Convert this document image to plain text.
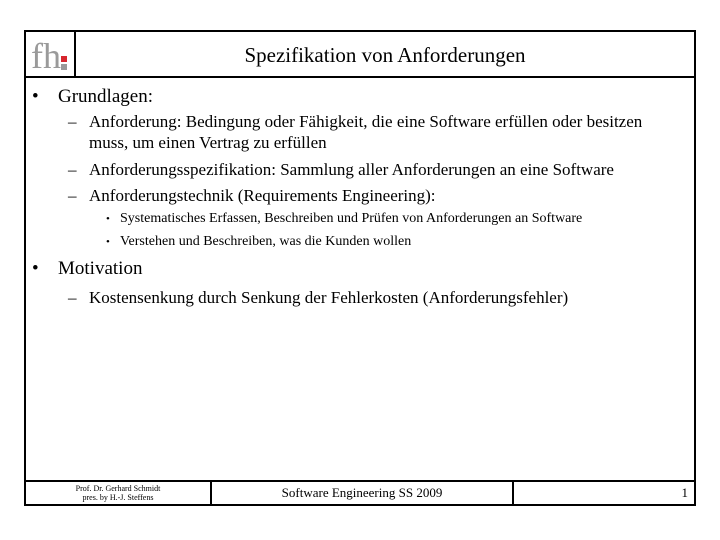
fh	Spezifikation von Anforderungen
• Grundlagen:
– Anforderung: Bedingung oder Fähigkeit, die eine Software erfüllen oder besitzen
muss, um einen Vertrag zu erfüllen
– Anforderungsspezifikation: Sammlung aller Anforderungen an eine Software
– Anforderungstechnik (Requirements Engineering):
• Systematisches Erfassen, Beschreiben und Prüfen von Anforderungen an Software
• Verstehen und Beschreiben, was die Kunden wollen
• Motivation
– Kostensenkung durch Senkung der Fehlerkosten (Anforderungsfehler)
Prof. Dr. Gerhard Schmidt
pres. by H.-J. Steffens	Software Engineering SS 2009	1
